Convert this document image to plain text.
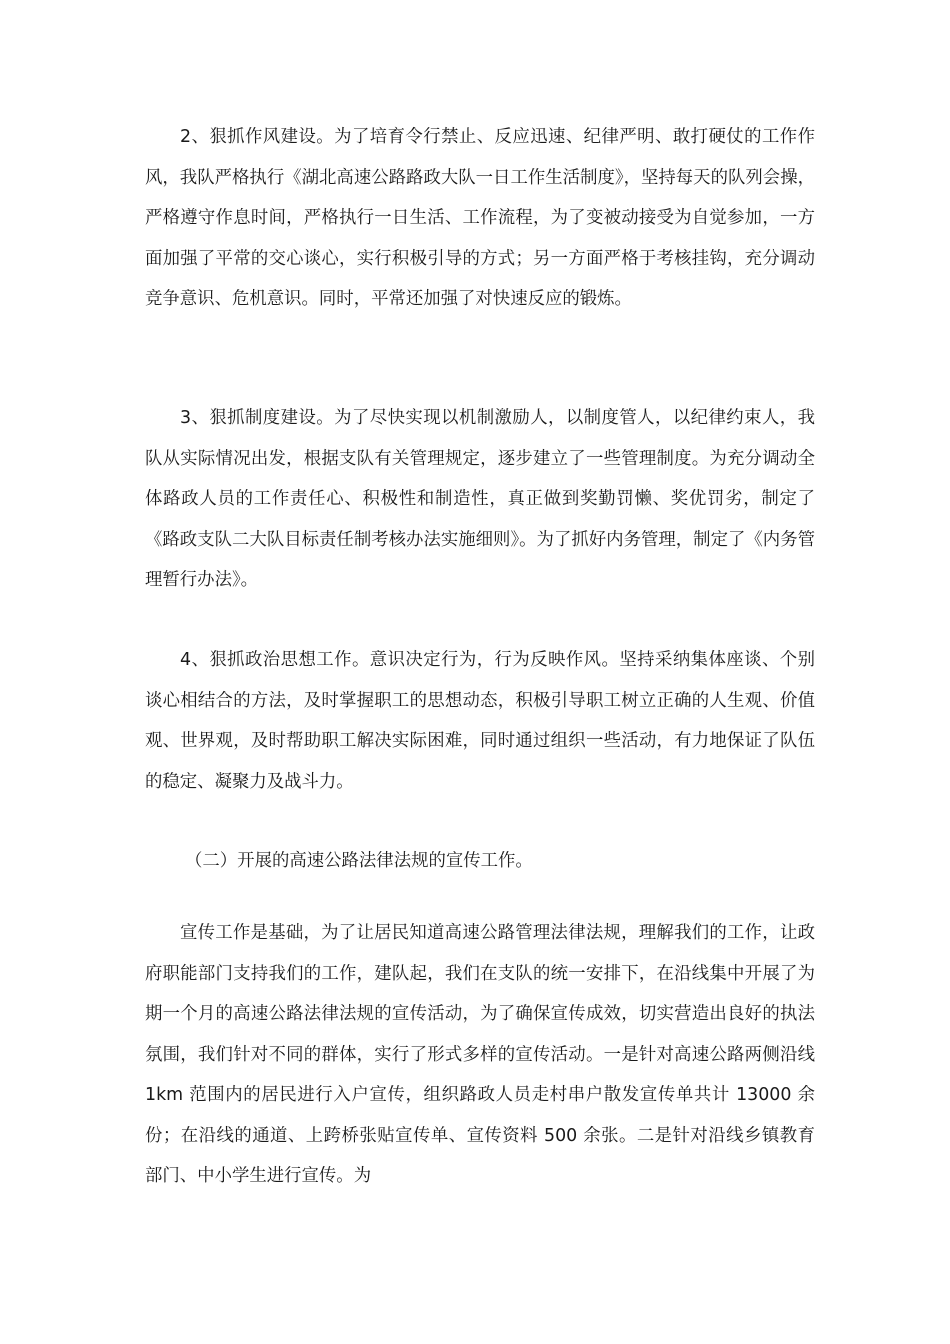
2、狠抓作风建设。为了培育令行禁止、反应迅速、纪律严明、敢打硬仗的工作作风，我队严格执行《湖北高速公路路政大队一日工作生活制度》，坚持每天的队列会操，严格遵守作息时间，严格执行一日生活、工作流程，为了变被动接受为自觉参加，一方面加强了平常的交心谈心，实行积极引导的方式；另一方面严格于考核挂钩，充分调动竞争意识、危机意识。同时，平常还加强了对快速反应的锻炼。

3、狠抓制度建设。为了尽快实现以机制激励人，以制度管人，以纪律约束人，我队从实际情况出发，根据支队有关管理规定，逐步建立了一些管理制度。为充分调动全体路政人员的工作责任心、积极性和制造性，真正做到奖勤罚懒、奖优罚劣，制定了《路政支队二大队目标责任制考核办法实施细则》。为了抓好内务管理，制定了《内务管理暂行办法》。

4、狠抓政治思想工作。意识决定行为，行为反映作风。坚持采纳集体座谈、个别谈心相结合的方法，及时掌握职工的思想动态，积极引导职工树立正确的人生观、价值观、世界观，及时帮助职工解决实际困难，同时通过组织一些活动，有力地保证了队伍的稳定、凝聚力及战斗力。

（二）开展的高速公路法律法规的宣传工作。

宣传工作是基础，为了让居民知道高速公路管理法律法规，理解我们的工作，让政府职能部门支持我们的工作，建队起，我们在支队的统一安排下，在沿线集中开展了为期一个月的高速公路法律法规的宣传活动，为了确保宣传成效，切实营造出良好的执法氛围，我们针对不同的群体，实行了形式多样的宣传活动。一是针对高速公路两侧沿线 1km 范围内的居民进行入户宣传，组织路政人员走村串户散发宣传单共计 13000 余份；在沿线的通道、上跨桥张贴宣传单、宣传资料 500 余张。二是针对沿线乡镇教育部门、中小学生进行宣传。为
